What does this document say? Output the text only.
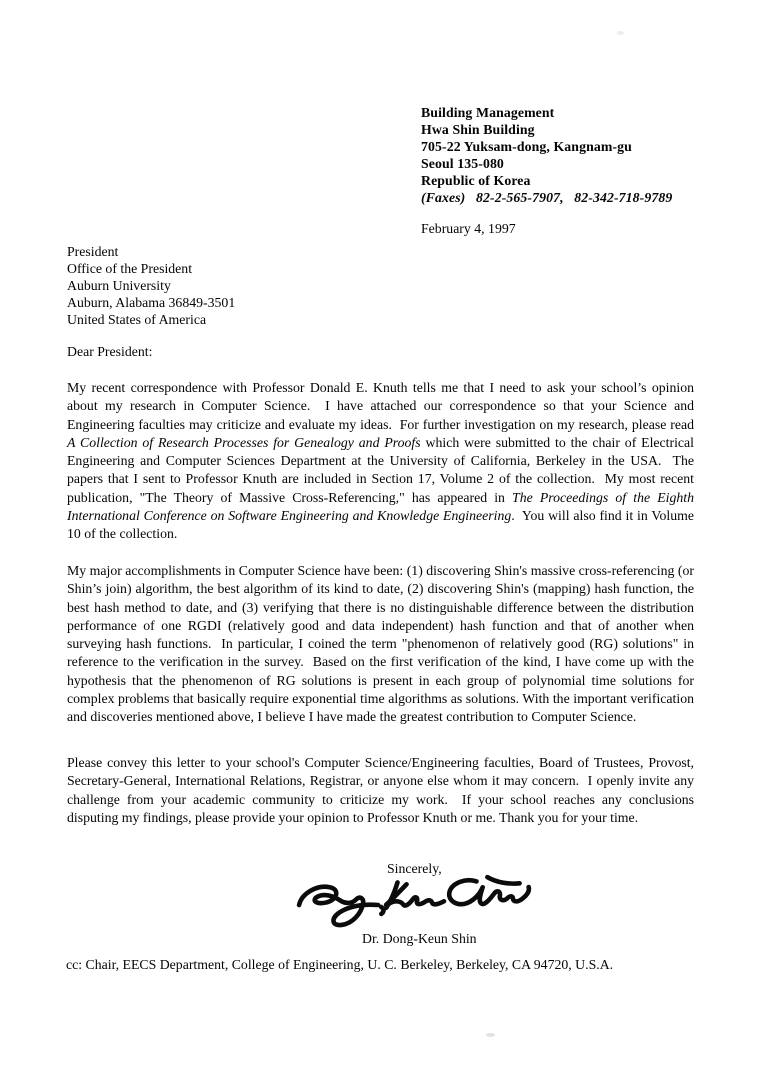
Building Management
Hwa Shin Building
705-22 Yuksam-dong, Kangnam-gu
Seoul 135-080
Republic of Korea
(Faxes)   82-2-565-7907,   82-342-718-9789
February 4, 1997
President
Office of the President
Auburn University
Auburn, Alabama 36849-3501
United States of America
Dear President:

My recent correspondence with Professor Donald E. Knuth tells me that I need to ask your school’s opinion about my research in Computer Science.  I have attached our correspondence so that your Science and Engineering faculties may criticize and evaluate my ideas.  For further investigation on my research, please read A Collection of Research Processes for Genealogy and Proofs which were submitted to the chair of Electrical Engineering and Computer Sciences Department at the University of California, Berkeley in the USA.  The papers that I sent to Professor Knuth are included in Section 17, Volume 2 of the collection.  My most recent publication, "The Theory of Massive Cross-Referencing," has appeared in The Proceedings of the Eighth International Conference on Software Engineering and Knowledge Engineering.  You will also find it in Volume 10 of the collection.

My major accomplishments in Computer Science have been: (1) discovering Shin's massive cross-referencing (or Shin’s join) algorithm, the best algorithm of its kind to date, (2) discovering Shin's (mapping) hash function, the best hash method to date, and (3) verifying that there is no distinguishable difference between the distribution performance of one RGDI (relatively good and data independent) hash function and that of another when surveying hash functions.  In particular, I coined the term "phenomenon of relatively good (RG) solutions" in reference to the verification in the survey.  Based on the first verification of the kind, I have come up with the hypothesis that the phenomenon of RG solutions is present in each group of polynomial time solutions for complex problems that basically require exponential time algorithms as solutions. With the important verification and discoveries mentioned above, I believe I have made the greatest contribution to Computer Science.

Please convey this letter to your school's Computer Science/Engineering faculties, Board of Trustees, Provost, Secretary-General, International Relations, Registrar, or anyone else whom it may concern.  I openly invite any challenge from your academic community to criticize my work.  If your school reaches any conclusions disputing my findings, please provide your opinion to Professor Knuth or me. Thank you for your time.

Sincerely,
Dr. Dong-Keun Shin
cc: Chair, EECS Department, College of Engineering, U. C. Berkeley, Berkeley, CA 94720, U.S.A.
